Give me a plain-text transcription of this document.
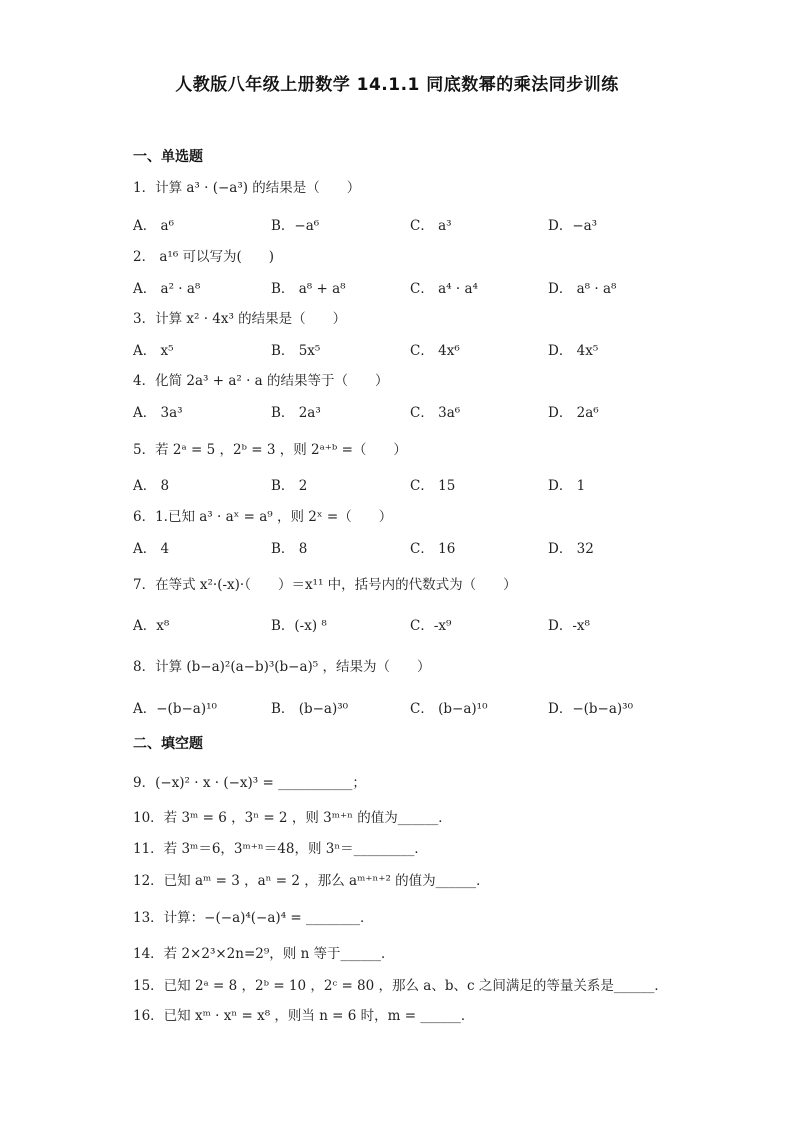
人教版八年级上册数学 14.1.1 同底数幂的乘法同步训练
一、单选题
1．计算 a³ · (−a³) 的结果是（　　）
A． a⁶	B．−a⁶	C． a³	D．−a³
2． a¹⁶ 可以写为(　　)
A． a² · a⁸	B． a⁸ + a⁸	C． a⁴ · a⁴	D． a⁸ · a⁸
3．计算 x² · 4x³ 的结果是（　　）
A． x⁵	B． 5x⁵	C． 4x⁶	D． 4x⁵
4．化简 2a³ + a² · a 的结果等于（　　）
A． 3a³	B． 2a³	C． 3a⁶	D． 2a⁶
5．若 2ᵃ = 5 ，2ᵇ = 3 ，则 2ᵃ⁺ᵇ =（　　）
A． 8	B． 2	C． 15	D． 1
6．1.已知 a³ · aˣ = a⁹ ，则 2ˣ =（　　）
A． 4	B． 8	C． 16	D． 32
7．在等式 x²·(-x)·（　　）＝x¹¹ 中，括号内的代数式为（　　）
A．x⁸	B．(-x) ⁸	C．-x⁹	D．-x⁸
8．计算 (b−a)²(a−b)³(b−a)⁵ ，结果为（　　）
A．−(b−a)¹⁰	B． (b−a)³⁰	C． (b−a)¹⁰	D．−(b−a)³⁰
二、填空题
9．(−x)² · x · (−x)³ = ___________；
10．若 3ᵐ = 6 ，3ⁿ = 2 ，则 3ᵐ⁺ⁿ 的值为______．
11．若 3ᵐ＝6，3ᵐ⁺ⁿ＝48，则 3ⁿ＝_________．
12．已知 aᵐ = 3 ，aⁿ = 2 ，那么 aᵐ⁺ⁿ⁺² 的值为______．
13．计算：−(−a)⁴(−a)⁴ = ________．
14．若 2×2³×2n=2⁹，则 n 等于______．
15．已知 2ᵃ = 8 ，2ᵇ = 10 ，2ᶜ = 80 ，那么 a、b、c 之间满足的等量关系是______．
16．已知 xᵐ · xⁿ = x⁸ ，则当 n = 6 时，m = ______．
